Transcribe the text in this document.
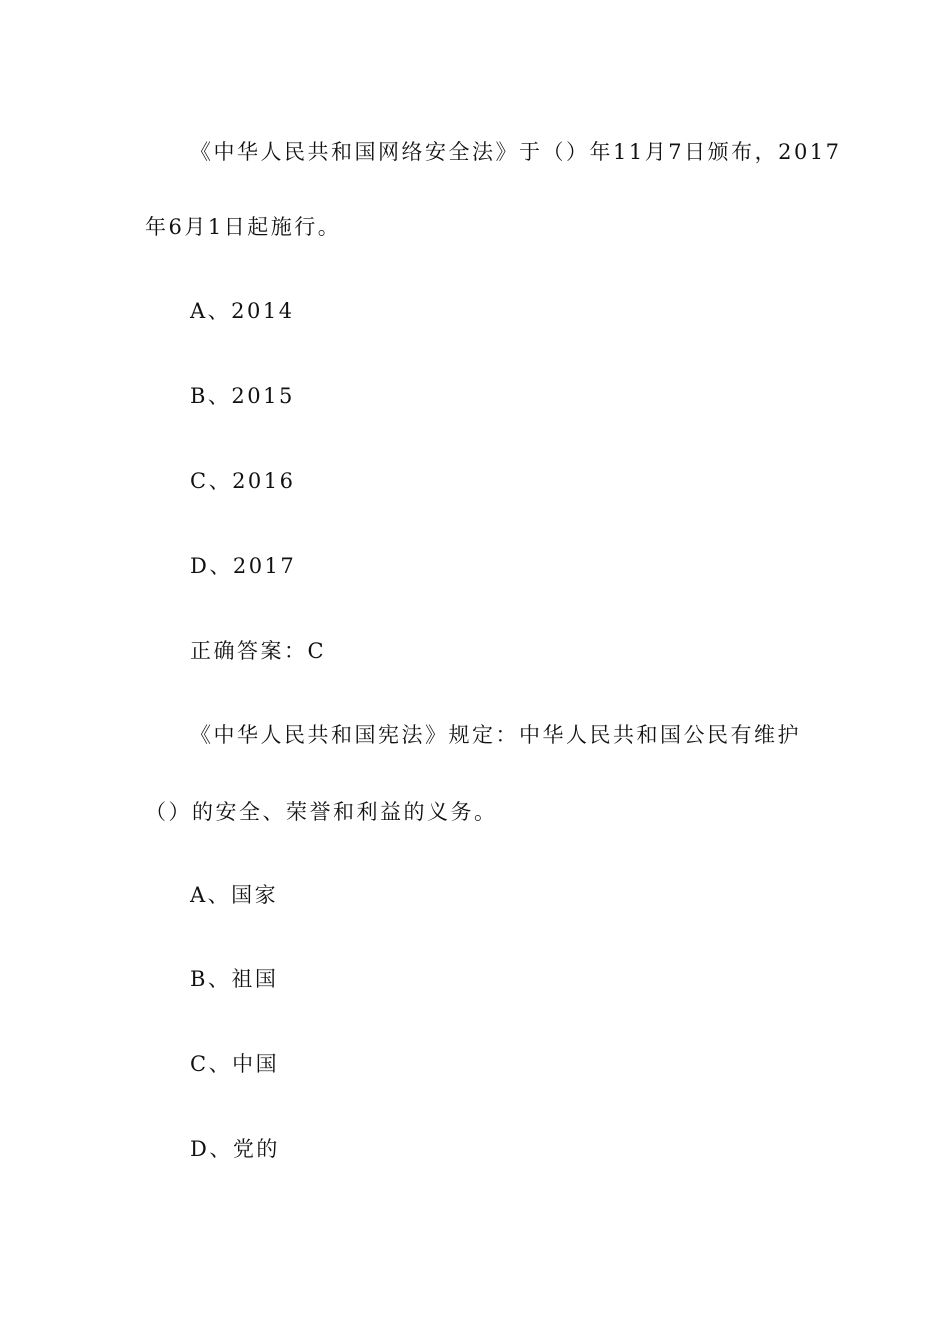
《中华人民共和国网络安全法》于（）年11月7日颁布，2017
年6月1日起施行。
A、2014
B、2015
C、2016
D、2017
正确答案：C
《中华人民共和国宪法》规定：中华人民共和国公民有维护
（）的安全、荣誉和利益的义务。
A、国家
B、祖国
C、中国
D、党的
